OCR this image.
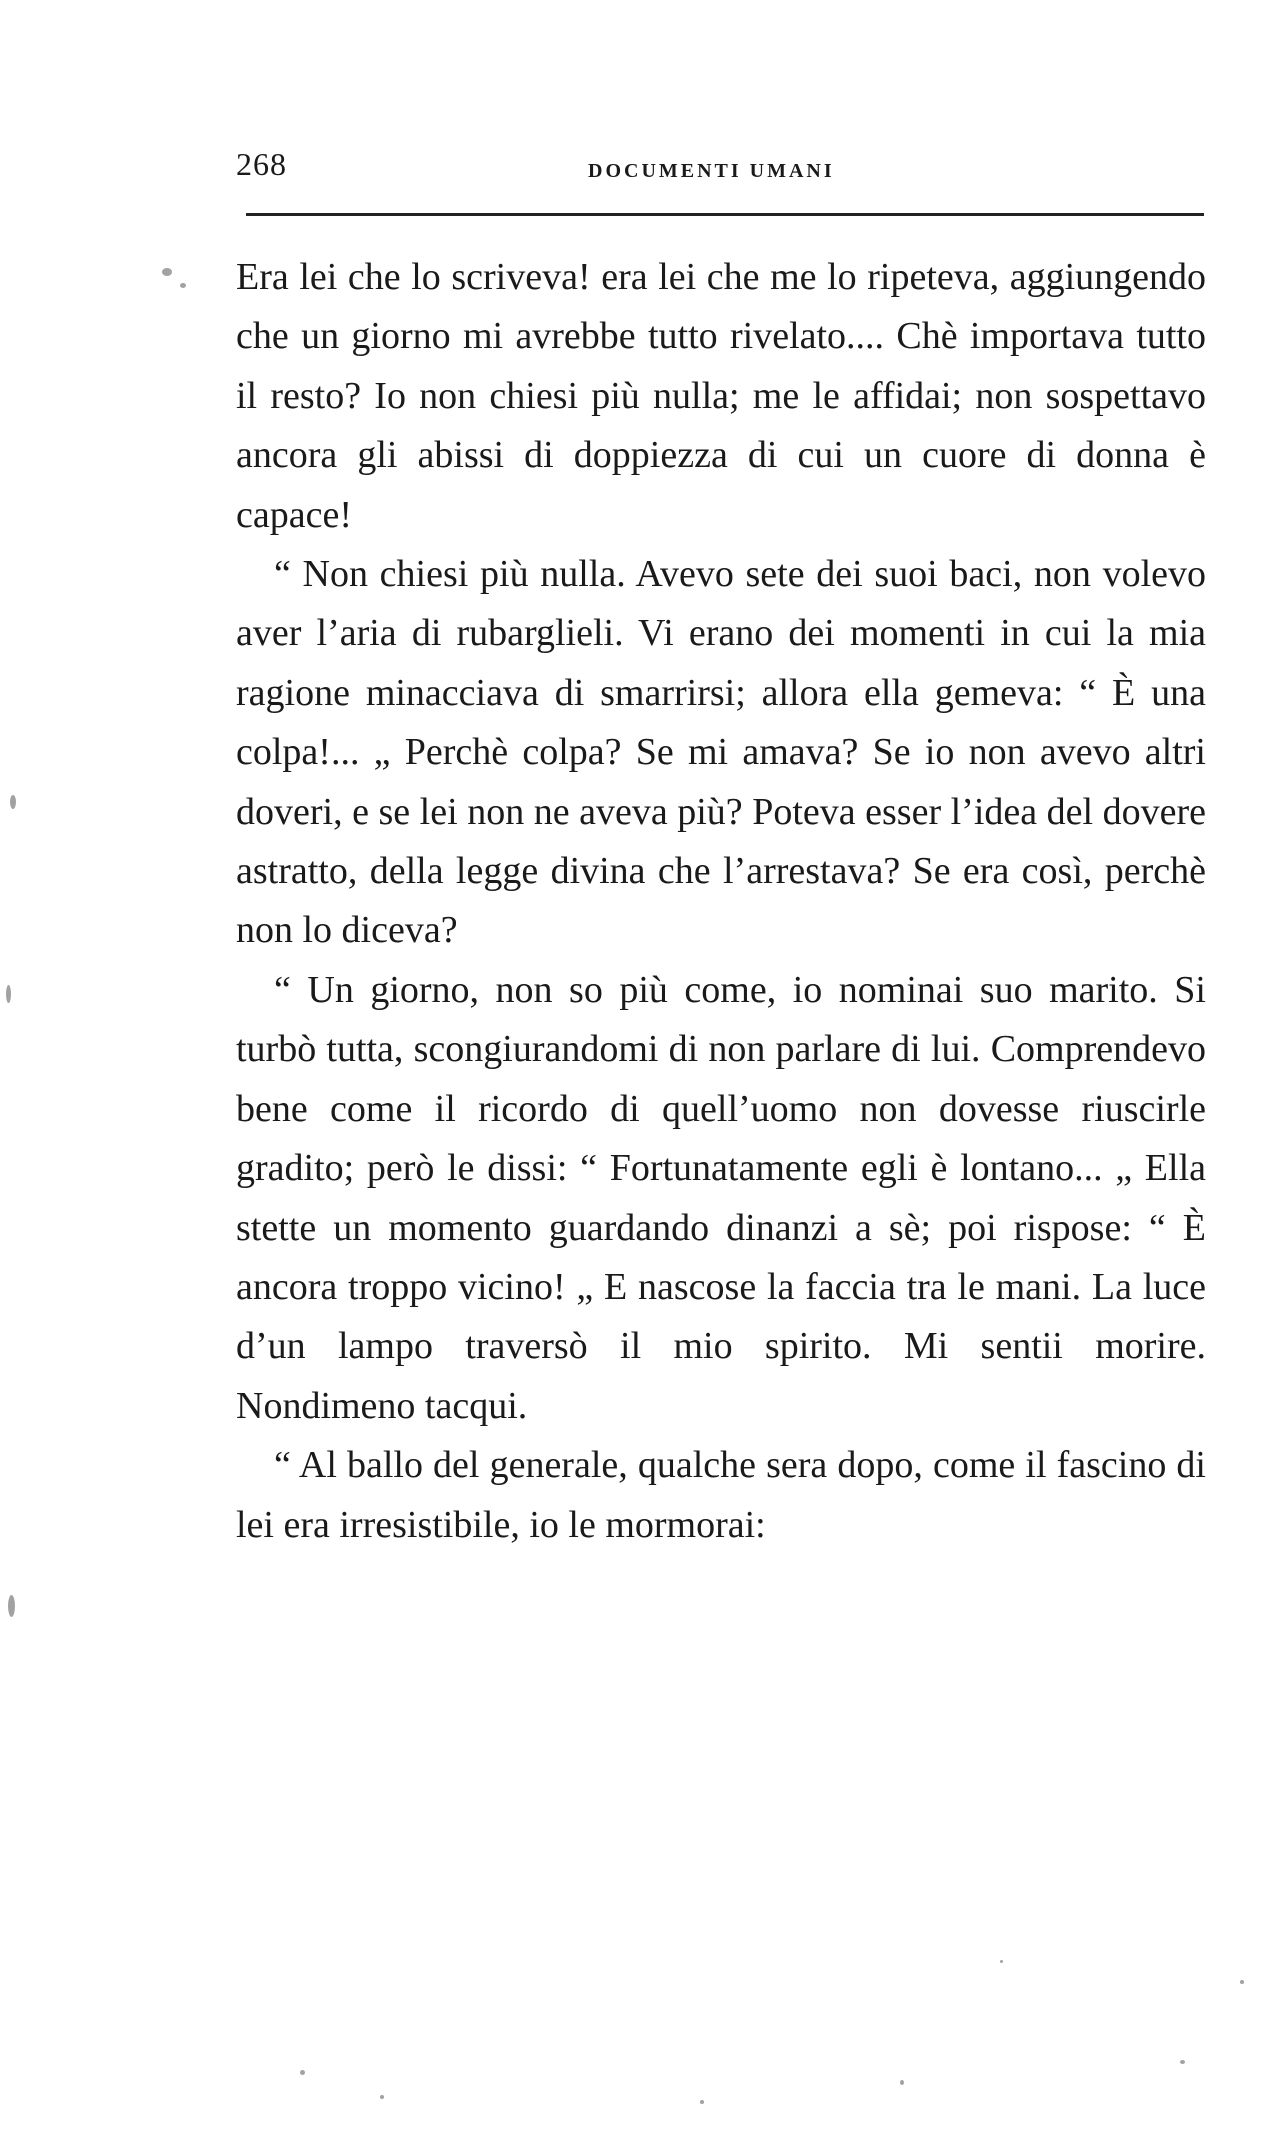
268	DOCUMENTI UMANI

Era lei che lo scriveva! era lei che me lo ripeteva, aggiungendo che un giorno mi avrebbe tutto rivelato.... Chè importava tutto il resto? Io non chiesi più nulla; me le affidai; non sospettavo ancora gli abissi di doppiezza di cui un cuore di donna è capace!

“ Non chiesi più nulla. Avevo sete dei suoi baci, non volevo aver l’aria di rubarglieli. Vi erano dei momenti in cui la mia ragione minacciava di smarrirsi; allora ella gemeva: “ È una colpa!... „ Perchè colpa? Se mi amava? Se io non avevo altri doveri, e se lei non ne aveva più? Poteva esser l’idea del dovere astratto, della legge divina che l’arrestava? Se era così, perchè non lo diceva?

“ Un giorno, non so più come, io nominai suo marito. Si turbò tutta, scongiurandomi di non parlare di lui. Comprendevo bene come il ricordo di quell’uomo non dovesse riuscirle gradito; però le dissi: “ Fortunatamente egli è lontano... „ Ella stette un momento guardando dinanzi a sè; poi rispose: “ È ancora troppo vicino! „ E nascose la faccia tra le mani. La luce d’un lampo traversò il mio spirito. Mi sentii morire. Nondimeno tacqui.

“ Al ballo del generale, qualche sera dopo, come il fascino di lei era irresistibile, io le mormorai:
